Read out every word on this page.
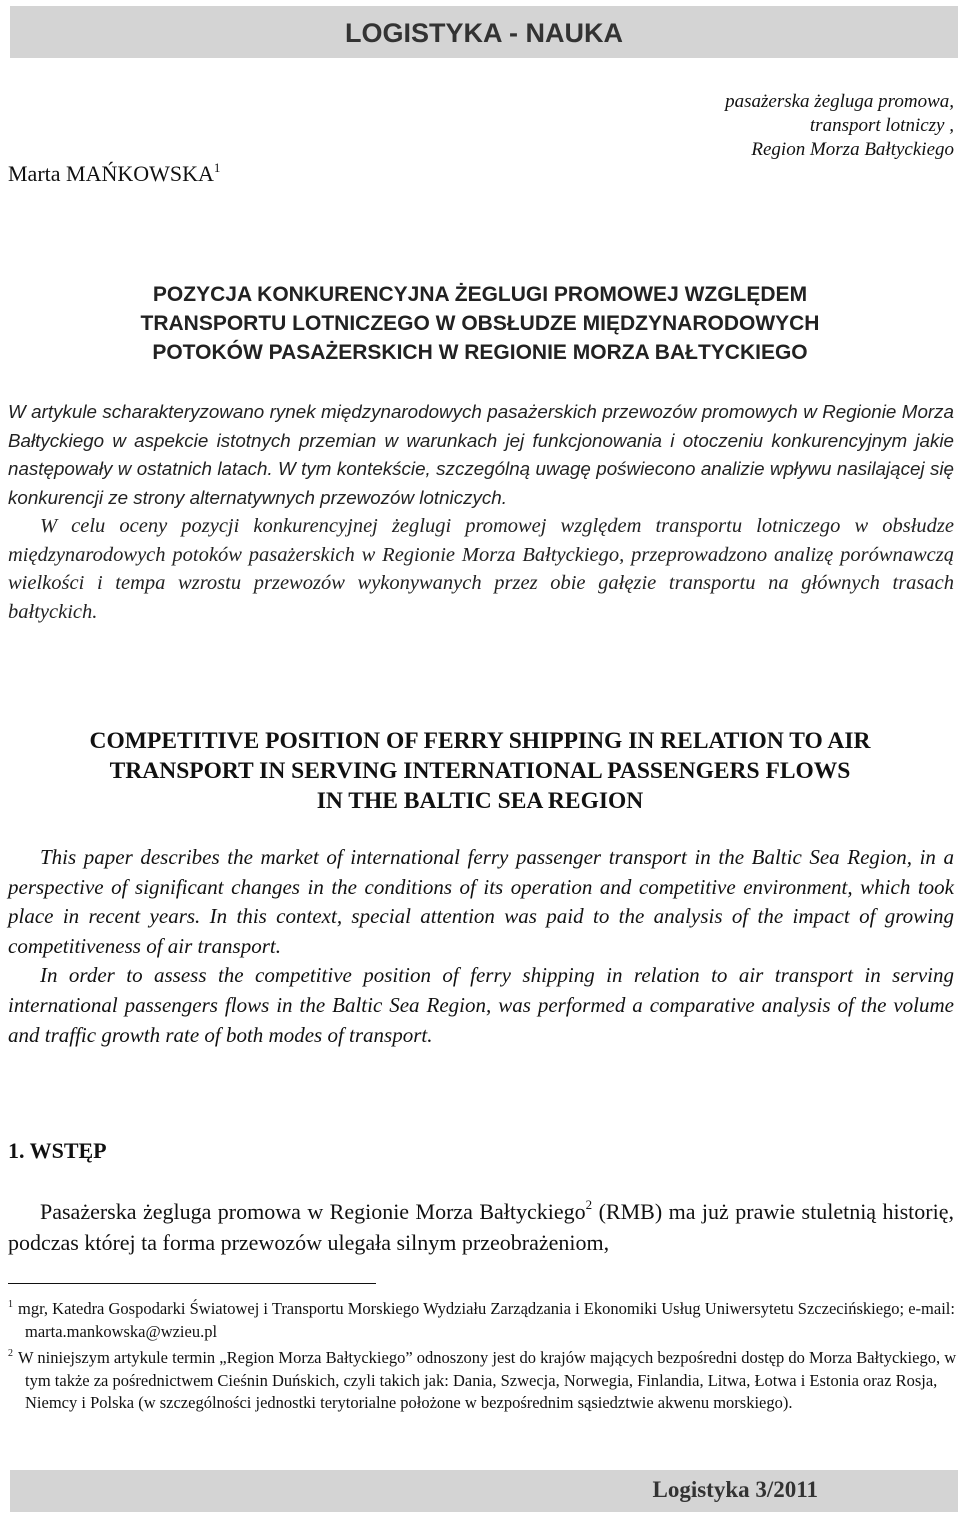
LOGISTYKA - NAUKA
pasażerska żegluga promowa,
transport lotniczy ,
Region Morza Bałtyckiego
Marta MAŃKOWSKA$^1$
POZYCJA KONKURENCYJNA ŻEGLUGI PROMOWEJ WZGLĘDEM
TRANSPORTU LOTNICZEGO W OBSŁUDZE MIĘDZYNARODOWYCH
POTOKÓW PASAŻERSKICH W REGIONIE MORZA BAŁTYCKIEGO

W artykule scharakteryzowano rynek międzynarodowych pasażerskich przewozów promowych w Regionie Morza Bałtyckiego w aspekcie istotnych przemian w warunkach jej funkcjonowania i otoczeniu konkurencyjnym jakie następowały w ostatnich latach. W tym kontekście, szczególną uwagę poświecono analizie wpływu nasilającej się konkurencji ze strony alternatywnych przewozów lotniczych.

W celu oceny pozycji konkurencyjnej żeglugi promowej względem transportu lotniczego w obsłudze międzynarodowych potoków pasażerskich w Regionie Morza Bałtyckiego, przeprowadzono analizę porównawczą wielkości i tempa wzrostu przewozów wykonywanych przez obie gałęzie transportu na głównych trasach bałtyckich.

COMPETITIVE POSITION OF FERRY SHIPPING IN RELATION TO AIR
TRANSPORT IN SERVING INTERNATIONAL PASSENGERS FLOWS
IN THE BALTIC SEA REGION

This paper describes the market of international ferry passenger transport in the Baltic Sea Region, in a perspective of significant changes in the conditions of its operation and competitive environment, which took place in recent years. In this context, special attention was paid to the analysis of the impact of growing competitiveness of air transport.

In order to assess the competitive position of ferry shipping in relation to air transport in serving international passengers flows in the Baltic Sea Region, was performed a comparative analysis of the volume and traffic growth rate of both modes of transport.

1. WSTĘP

Pasażerska żegluga promowa w Regionie Morza Bałtyckiego$^2$ (RMB) ma już prawie stuletnią historię, podczas której ta forma przewozów ulegała silnym przeobrażeniom,

$^1$ mgr, Katedra Gospodarki Światowej i Transportu Morskiego Wydziału Zarządzania i Ekonomiki Usług Uniwersytetu Szczecińskiego; e-mail: marta.mankowska@wzieu.pl

$^2$ W niniejszym artykule termin „Region Morza Bałtyckiego” odnoszony jest do krajów mających bezpośredni dostęp do Morza Bałtyckiego, w tym także za pośrednictwem Cieśnin Duńskich, czyli takich jak: Dania, Szwecja, Norwegia, Finlandia, Litwa, Łotwa i Estonia oraz Rosja, Niemcy i Polska (w szczególności jednostki terytorialne położone w bezpośrednim sąsiedztwie akwenu morskiego).

Logistyka 3/2011
